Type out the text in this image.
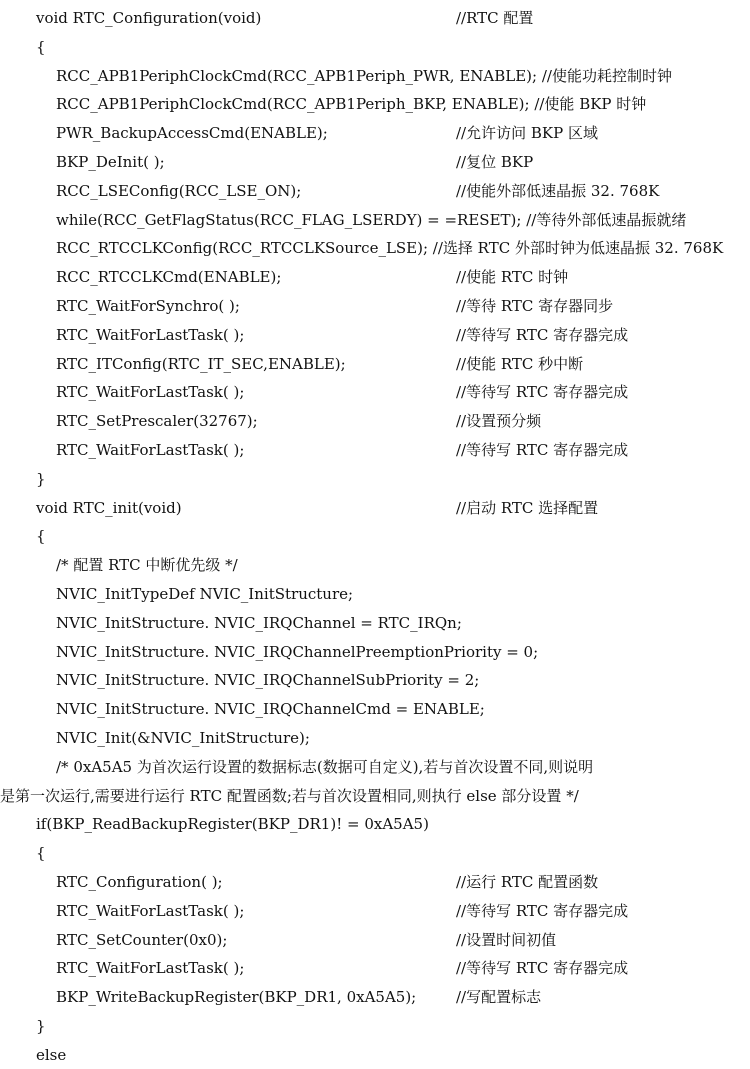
void RTC_Configuration(void)	//RTC 配置
{
RCC_APB1PeriphClockCmd(RCC_APB1Periph_PWR, ENABLE); //使能功耗控制时钟
RCC_APB1PeriphClockCmd(RCC_APB1Periph_BKP, ENABLE); //使能 BKP 时钟
PWR_BackupAccessCmd(ENABLE);	//允许访问 BKP 区域
BKP_DeInit( );	//复位 BKP
RCC_LSEConfig(RCC_LSE_ON);	//使能外部低速晶振 32. 768K
while(RCC_GetFlagStatus(RCC_FLAG_LSERDY) = =RESET); //等待外部低速晶振就绪
RCC_RTCCLKConfig(RCC_RTCCLKSource_LSE); //选择 RTC 外部时钟为低速晶振 32. 768K
RCC_RTCCLKCmd(ENABLE);	//使能 RTC 时钟
RTC_WaitForSynchro( );	//等待 RTC 寄存器同步
RTC_WaitForLastTask( );	//等待写 RTC 寄存器完成
RTC_ITConfig(RTC_IT_SEC,ENABLE);	//使能 RTC 秒中断
RTC_WaitForLastTask( );	//等待写 RTC 寄存器完成
RTC_SetPrescaler(32767);	//设置预分频
RTC_WaitForLastTask( );	//等待写 RTC 寄存器完成
}
void RTC_init(void)	//启动 RTC 选择配置
{
/* 配置 RTC 中断优先级 */
NVIC_InitTypeDef NVIC_InitStructure;
NVIC_InitStructure. NVIC_IRQChannel = RTC_IRQn;
NVIC_InitStructure. NVIC_IRQChannelPreemptionPriority = 0;
NVIC_InitStructure. NVIC_IRQChannelSubPriority = 2;
NVIC_InitStructure. NVIC_IRQChannelCmd = ENABLE;
NVIC_Init(&NVIC_InitStructure);
/* 0xA5A5 为首次运行设置的数据标志(数据可自定义),若与首次设置不同,则说明
是第一次运行,需要进行运行 RTC 配置函数;若与首次设置相同,则执行 else 部分设置 */
if(BKP_ReadBackupRegister(BKP_DR1)! = 0xA5A5)
{
RTC_Configuration( );	//运行 RTC 配置函数
RTC_WaitForLastTask( );	//等待写 RTC 寄存器完成
RTC_SetCounter(0x0);	//设置时间初值
RTC_WaitForLastTask( );	//等待写 RTC 寄存器完成
BKP_WriteBackupRegister(BKP_DR1, 0xA5A5);	//写配置标志
}
else
